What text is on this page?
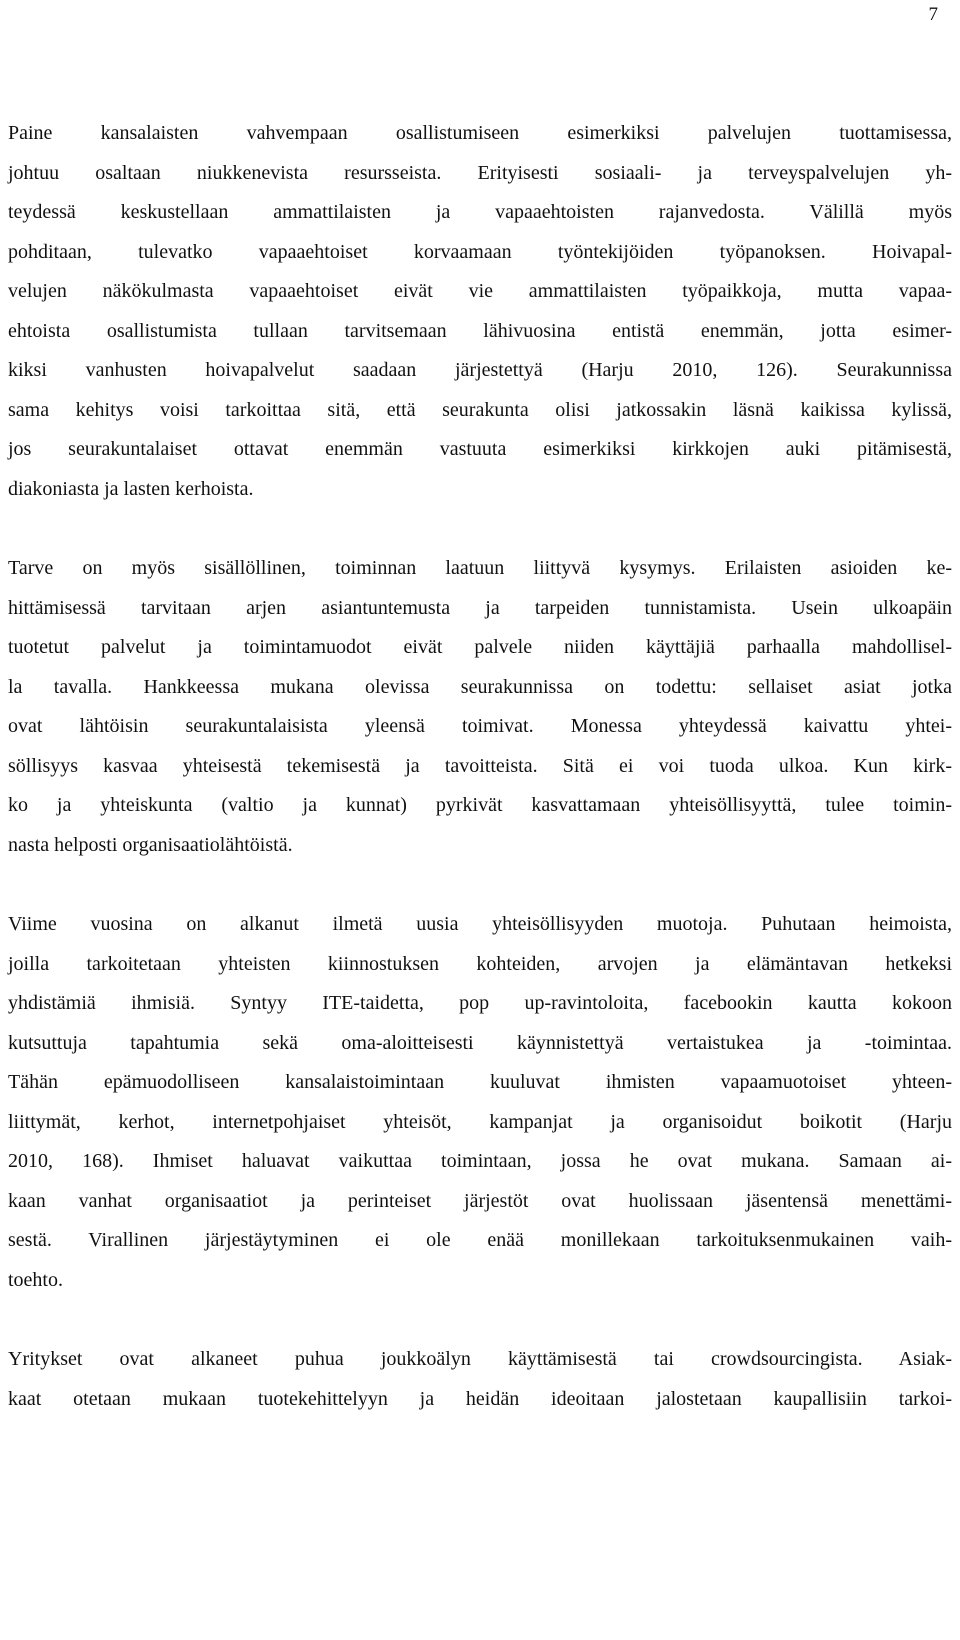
7

Paine kansalaisten vahvempaan osallistumiseen esimerkiksi palvelujen tuottamisessa,
johtuu osaltaan niukkenevista resursseista. Erityisesti sosiaali- ja terveyspalvelujen yh-
teydessä keskustellaan ammattilaisten ja vapaaehtoisten rajanvedosta. Välillä myös
pohditaan, tulevatko vapaaehtoiset korvaamaan työntekijöiden työpanoksen. Hoivapal-
velujen näkökulmasta vapaaehtoiset eivät vie ammattilaisten työpaikkoja, mutta vapaa-
ehtoista osallistumista tullaan tarvitsemaan lähivuosina entistä enemmän, jotta esimer-
kiksi vanhusten hoivapalvelut saadaan järjestettyä (Harju 2010, 126). Seurakunnissa
sama kehitys voisi tarkoittaa sitä, että seurakunta olisi jatkossakin läsnä kaikissa kylissä,
jos seurakuntalaiset ottavat enemmän vastuuta esimerkiksi kirkkojen auki pitämisestä,
diakoniasta ja lasten kerhoista.

Tarve on myös sisällöllinen, toiminnan laatuun liittyvä kysymys. Erilaisten asioiden ke-
hittämisessä tarvitaan arjen asiantuntemusta ja tarpeiden tunnistamista. Usein ulkoapäin
tuotetut palvelut ja toimintamuodot eivät palvele niiden käyttäjiä parhaalla mahdollisel-
la tavalla. Hankkeessa mukana olevissa seurakunnissa on todettu: sellaiset asiat jotka
ovat lähtöisin seurakuntalaisista yleensä toimivat. Monessa yhteydessä kaivattu yhtei-
söllisyys kasvaa yhteisestä tekemisestä ja tavoitteista. Sitä ei voi tuoda ulkoa. Kun kirk-
ko ja yhteiskunta (valtio ja kunnat) pyrkivät kasvattamaan yhteisöllisyyttä, tulee toimin-
nasta helposti organisaatiolähtöistä.

Viime vuosina on alkanut ilmetä uusia yhteisöllisyyden muotoja. Puhutaan heimoista,
joilla tarkoitetaan yhteisten kiinnostuksen kohteiden, arvojen ja elämäntavan hetkeksi
yhdistämiä ihmisiä. Syntyy ITE-taidetta, pop up-ravintoloita, facebookin kautta kokoon
kutsuttuja tapahtumia sekä oma-aloitteisesti käynnistettyä vertaistukea ja -toimintaa.
Tähän epämuodolliseen kansalaistoimintaan kuuluvat ihmisten vapaamuotoiset yhteen-
liittymät, kerhot, internetpohjaiset yhteisöt, kampanjat ja organisoidut boikotit (Harju
2010, 168). Ihmiset haluavat vaikuttaa toimintaan, jossa he ovat mukana. Samaan ai-
kaan vanhat organisaatiot ja perinteiset järjestöt ovat huolissaan jäsentensä menettämi-
sestä. Virallinen järjestäytyminen ei ole enää monillekaan tarkoituksenmukainen vaih-
toehto.

Yritykset ovat alkaneet puhua joukkoälyn käyttämisestä tai crowdsourcingista. Asiak-
kaat otetaan mukaan tuotekehittelyyn ja heidän ideoitaan jalostetaan kaupallisiin tarkoi-
